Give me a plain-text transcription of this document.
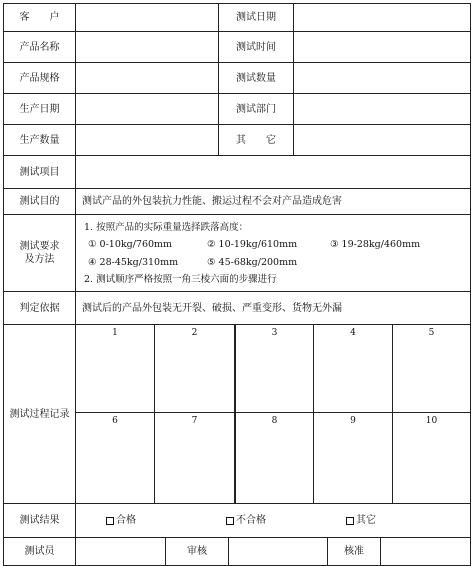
客　　户	测试日期
产品名称	测试时间
产品规格	测试数量
生产日期	测试部门
生产数量	其　　它
测试项目
测试目的	测试产品的外包装抗力性能、搬运过程不会对产品造成危害
测试要求
及方法
1. 按照产品的实际重量选择跌落高度：
① 0-10kg/760mm	② 10-19kg/610mm	③ 19-28kg/460mm
④ 28-45kg/310mm	⑤ 45-68kg/200mm
2. 测试顺序严格按照一角三棱六面的步骤进行
判定依据	测试后的产品外包装无开裂、破损、严重变形、货物无外漏
测试过程记录
1	2	3	4	5
6	7	8	9	10
测试结果	合格	不合格	其它
测试员	审核	核准
